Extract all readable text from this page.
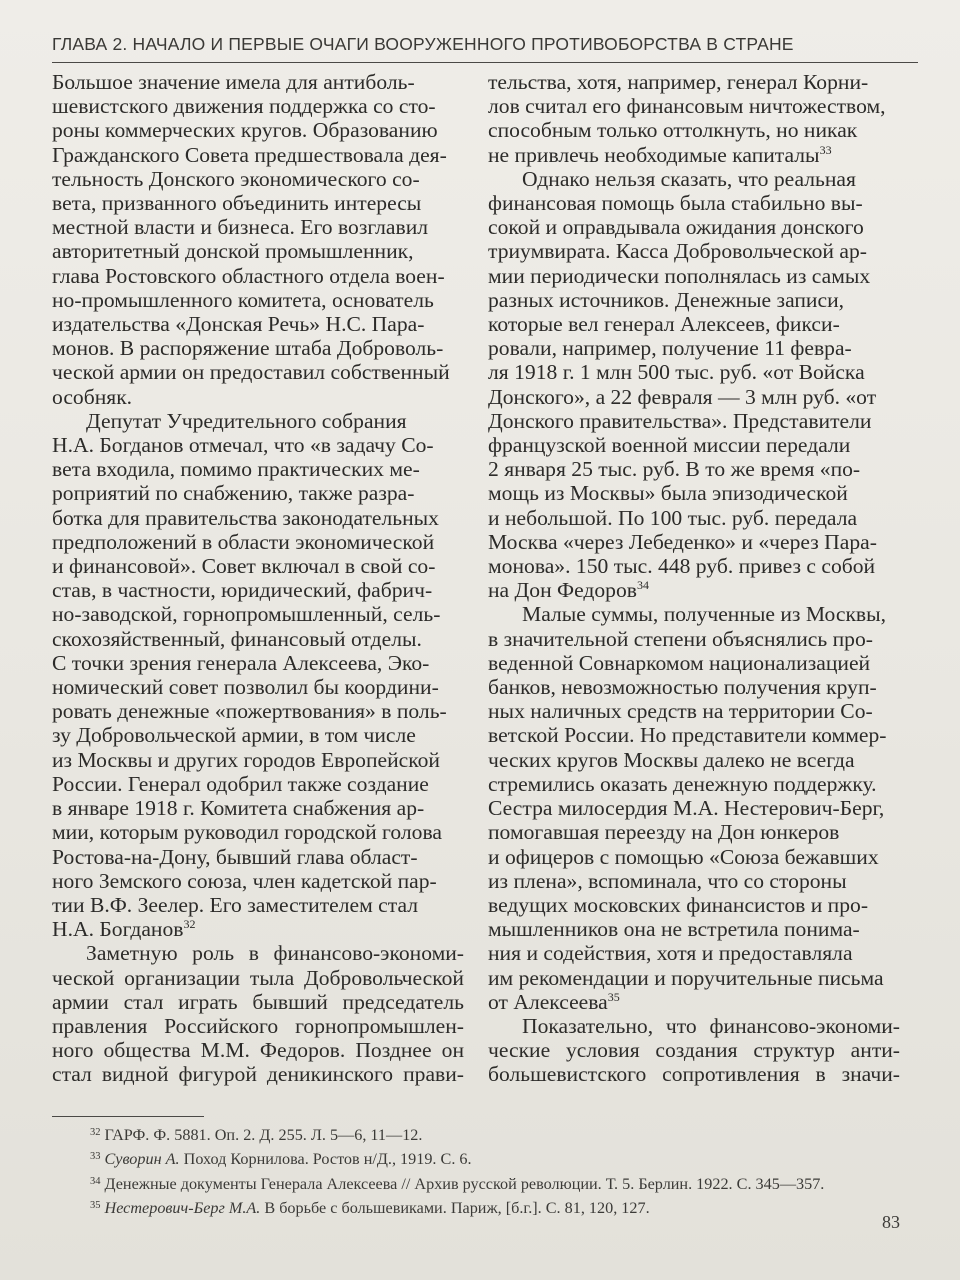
ГЛАВА 2. НАЧАЛО И ПЕРВЫЕ ОЧАГИ ВООРУЖЕННОГО ПРОТИВОБОРСТВА В СТРАНЕ

Большое значение имела для антиболь-
шевистского движения поддержка со сто-
роны коммерческих кругов. Образованию
Гражданского Совета предшествовала дея-
тельность Донского экономического со-
вета, призванного объединить интересы
местной власти и бизнеса. Его возглавил
авторитетный донской промышленник,
глава Ростовского областного отдела воен-
но-промышленного комитета, основатель
издательства «Донская Речь» Н.С. Пара-
монов. В распоряжение штаба Доброволь-
ческой армии он предоставил собственный
особняк.

Депутат Учредительного собрания
Н.А. Богданов отмечал, что «в задачу Со-
вета входила, помимо практических ме-
роприятий по снабжению, также разра-
ботка для правительства законодательных
предположений в области экономической
и финансовой». Совет включал в свой со-
став, в частности, юридический, фабрич-
но-заводской, горнопромышленный, сель-
скохозяйственный, финансовый отделы.
С точки зрения генерала Алексеева, Эко-
номический совет позволил бы координи-
ровать денежные «пожертвования» в поль-
зу Добровольческой армии, в том числе
из Москвы и других городов Европейской
России. Генерал одобрил также создание
в январе 1918 г. Комитета снабжения ар-
мии, которым руководил городской голова
Ростова-на-Дону, бывший глава област-
ного Земского союза, член кадетской пар-
тии В.Ф. Зеелер. Его заместителем стал
Н.А. Богданов$^{32}$

Заметную роль в финансово-экономи-
ческой организации тыла Добровольческой
армии стал играть бывший председатель
правления Российского горнопромышлен-
ного общества М.М. Федоров. Позднее он
стал видной фигурой деникинского прави-

тельства, хотя, например, генерал Корни-
лов считал его финансовым ничтожеством,
способным только оттолкнуть, но никак
не привлечь необходимые капиталы$^{33}$

Однако нельзя сказать, что реальная
финансовая помощь была стабильно вы-
сокой и оправдывала ожидания донского
триумвирата. Касса Добровольческой ар-
мии периодически пополнялась из самых
разных источников. Денежные записи,
которые вел генерал Алексеев, фикси-
ровали, например, получение 11 февра-
ля 1918 г. 1 млн 500 тыс. руб. «от Войска
Донского», а 22 февраля — 3 млн руб. «от
Донского правительства». Представители
французской военной миссии передали
2 января 25 тыс. руб. В то же время «по-
мощь из Москвы» была эпизодической
и небольшой. По 100 тыс. руб. передала
Москва «через Лебеденко» и «через Пара-
монова». 150 тыс. 448 руб. привез с собой
на Дон Федоров$^{34}$

Малые суммы, полученные из Москвы,
в значительной степени объяснялись про-
веденной Совнаркомом национализацией
банков, невозможностью получения круп-
ных наличных средств на территории Со-
ветской России. Но представители коммер-
ческих кругов Москвы далеко не всегда
стремились оказать денежную поддержку.
Сестра милосердия М.А. Нестерович-Берг,
помогавшая переезду на Дон юнкеров
и офицеров с помощью «Союза бежавших
из плена», вспоминала, что со стороны
ведущих московских финансистов и про-
мышленников она не встретила понима-
ния и содействия, хотя и предоставляла
им рекомендации и поручительные письма
от Алексеева$^{35}$

Показательно, что финансово-экономи-
ческие условия создания структур анти-
большевистского сопротивления в значи-

$^{32}$ ГАРФ. Ф. 5881. Оп. 2. Д. 255. Л. 5—6, 11—12.
$^{33}$ Суворин А. Поход Корнилова. Ростов н/Д., 1919. С. 6.
$^{34}$ Денежные документы Генерала Алексеева // Архив русской революции. Т. 5. Берлин. 1922. С. 345—357.
$^{35}$ Нестерович-Берг М.А. В борьбе с большевиками. Париж, [б.г.]. С. 81, 120, 127.
83
